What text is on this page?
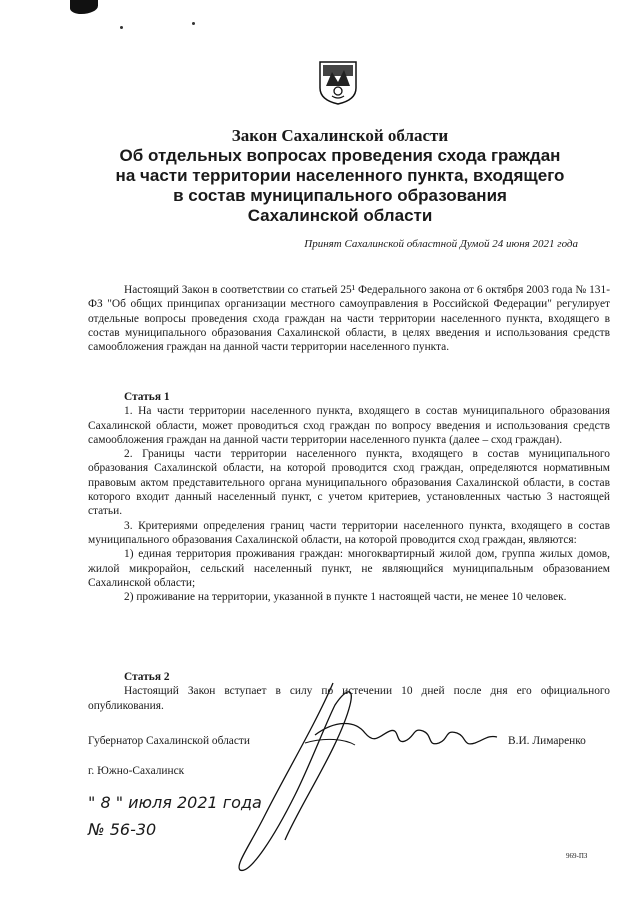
Закон Сахалинской области
Об отдельных вопросах проведения схода граждан
на части территории населенного пункта, входящего
в состав муниципального образования
Сахалинской области
Принят Сахалинской областной Думой 24 июня 2021 года

Настоящий Закон в соответствии со статьей 25¹ Федерального закона от 6 октября 2003 года № 131-ФЗ "Об общих принципах организации местного самоуправления в Российской Федерации" регулирует отдельные вопросы проведения схода граждан на части территории населенного пункта, входящего в состав муниципального образования Сахалинской области, в целях введения и использования средств самообложения граждан на данной части территории населенного пункта.

Статья 1

1. На части территории населенного пункта, входящего в состав муниципального образования Сахалинской области, может проводиться сход граждан по вопросу введения и использования средств самообложения граждан на данной части территории населенного пункта (далее – сход граждан).

2. Границы части территории населенного пункта, входящего в состав муниципального образования Сахалинской области, на которой проводится сход граждан, определяются нормативным правовым актом представительного органа муниципального образования Сахалинской области, в состав которого входит данный населенный пункт, с учетом критериев, установленных частью 3 настоящей статьи.

3. Критериями определения границ части территории населенного пункта, входящего в состав муниципального образования Сахалинской области, на которой проводится сход граждан, являются:

1) единая территория проживания граждан: многоквартирный жилой дом, группа жилых домов, жилой микрорайон, сельский населенный пункт, не являющийся муниципальным образованием Сахалинской области;

2) проживание на территории, указанной в пункте 1 настоящей части, не менее 10 человек.

Статья 2

Настоящий Закон вступает в силу по истечении 10 дней после дня его официального опубликования.

Губернатор Сахалинской области	В.И. Лимаренко
г. Южно-Сахалинск
" 8 " июля 2021 года
№ 56-30
969-ПЗ
